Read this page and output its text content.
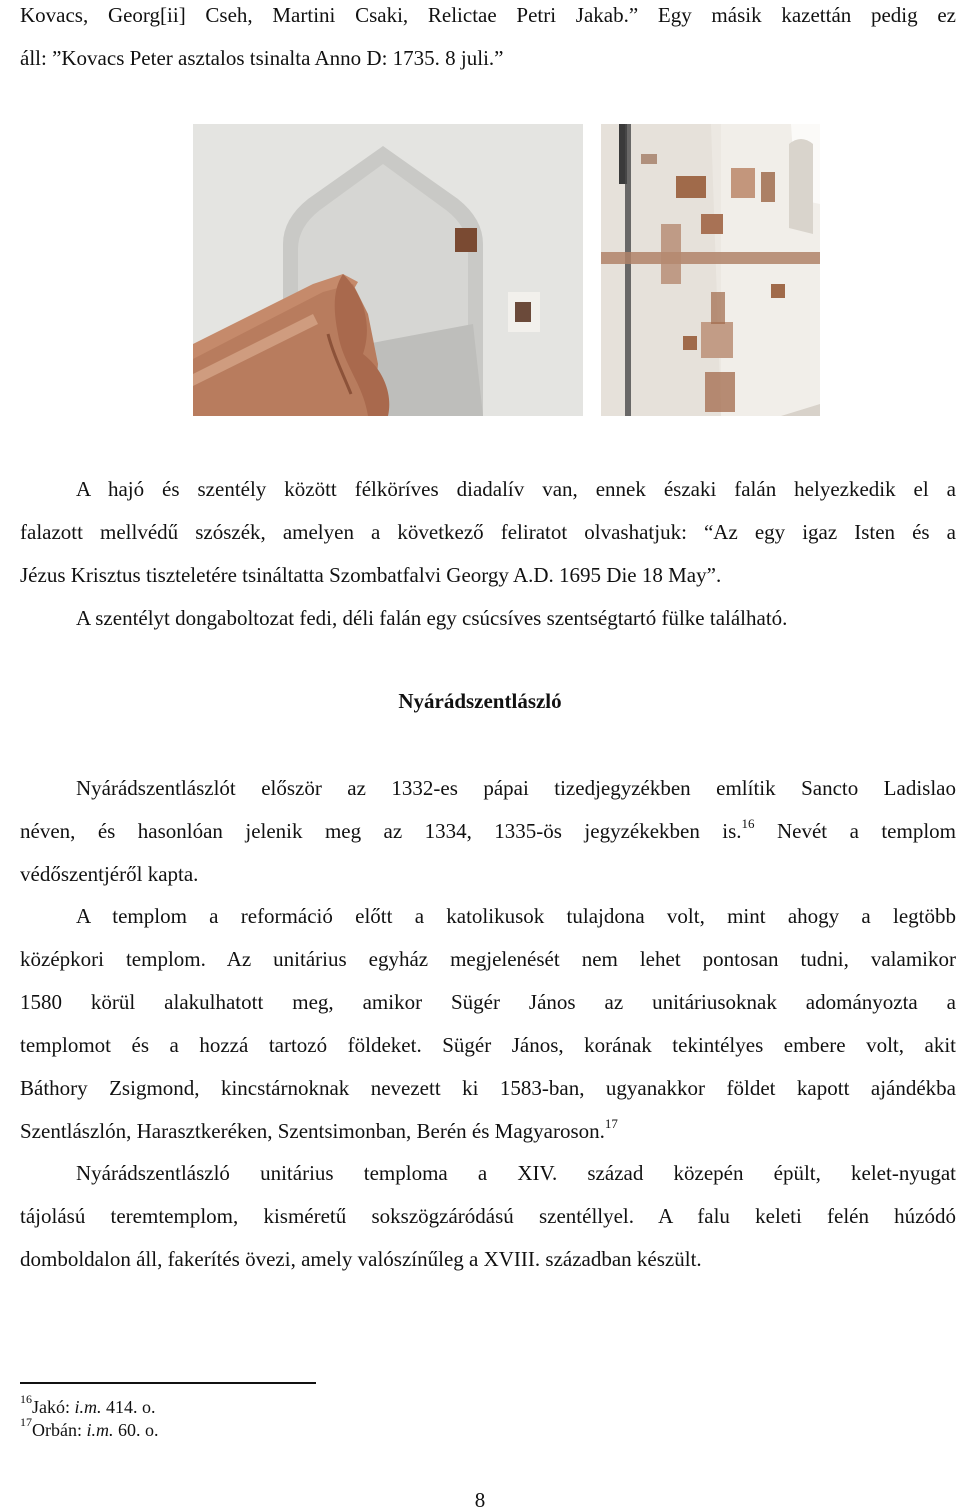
Kovacs, Georg[ii] Cseh, Martini Csaki, Relictae Petri Jakab.” Egy másik kazettán pedig ez
áll: ”Kovacs Peter asztalos tsinalta Anno D: 1735. 8 juli.”
A hajó és szentély között félköríves diadalív van, ennek északi falán helyezkedik el a
falazott mellvédű szószék, amelyen a következő feliratot olvashatjuk: “Az egy igaz Isten és a
Jézus Krisztus tiszteletére tsináltatta Szombatfalvi Georgy A.D. 1695 Die 18 May”.
A szentélyt dongaboltozat fedi, déli falán egy csúcsíves szentségtartó fülke található.
Nyárádszentlászló
Nyárádszentlászlót először az 1332-es pápai tizedjegyzékben említik Sancto Ladislao
néven, és hasonlóan jelenik meg az 1334, 1335-ös jegyzékekben is.$^{16}$ Nevét a templom
védőszentjéről kapta.
A templom a reformáció előtt a katolikusok tulajdona volt, mint ahogy a legtöbb
középkori templom. Az unitárius egyház megjelenését nem lehet pontosan tudni, valamikor
1580 körül alakulhatott meg, amikor Sügér János az unitáriusoknak adományozta a
templomot és a hozzá tartozó földeket. Sügér János, korának tekintélyes embere volt, akit
Báthory Zsigmond, kincstárnoknak nevezett ki 1583-ban, ugyanakkor földet kapott ajándékba
Szentlászlón, Harasztkeréken, Szentsimonban, Berén és Magyaroson.$^{17}$
Nyárádszentlászló unitárius temploma a XIV. század közepén épült, kelet-nyugat
tájolású teremtemplom, kisméretű sokszögzáródású szentéllyel. A falu keleti felén húzódó
domboldalon áll, fakerítés övezi, amely valószínűleg a XVIII. században készült.
$^{16}$Jakó: i.m. 414. o.
$^{17}$Orbán: i.m. 60. o.
8
